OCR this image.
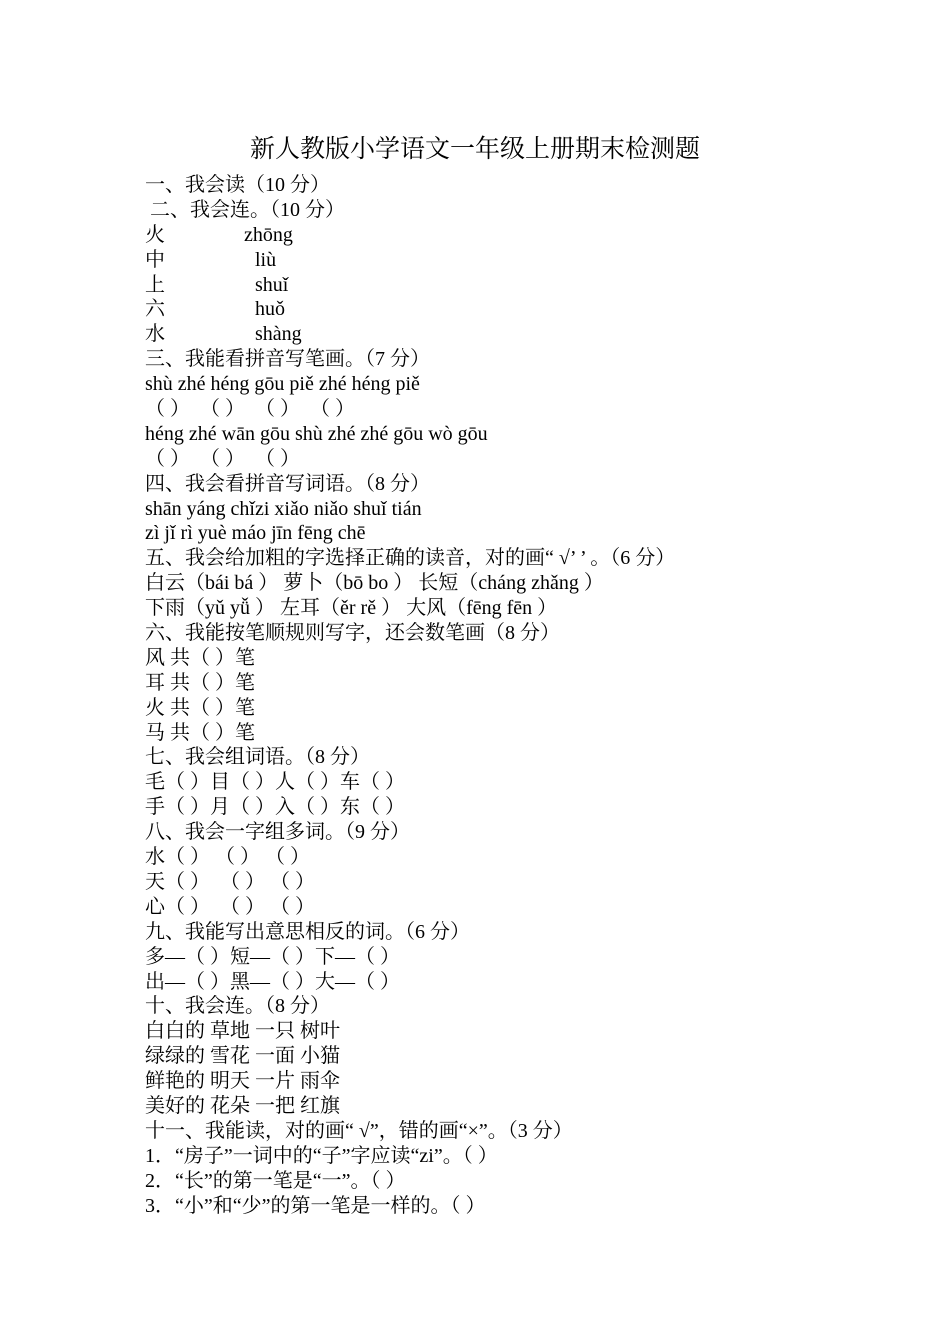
新人教版小学语文一年级上册期末检测题
一、我会读（10 分）
二、我会连。（10 分）
火	zhōng
中	liù
上	shuǐ
六	huǒ
水	shàng
三、我能看拼音写笔画。（7 分）
shù zhé héng gōu piě zhé héng piě
（ ）  （ ）  （ ）  （ ）
héng zhé wān gōu shù zhé zhé gōu wò gōu
（ ）  （ ）  （ ）
四、我会看拼音写词语。（8 分）
shān yáng chǐzi xiǎo niǎo shuǐ tián
zì jǐ rì yuè máo jīn fēng chē
五、我会给加粗的字选择正确的读音，对的画“ √’ ’ 。（6 分）
白云（bái bá ） 萝卜（bō bo ） 长短（cháng zhǎng ）
下雨（yǔ yǚ ） 左耳（ěr rě ） 大风（fēng fēn ）
六、我能按笔顺规则写字，还会数笔画（8 分）
风 共（ ）笔
耳 共（ ）笔
火 共（ ）笔
马 共（ ）笔
七、我会组词语。（8 分）
毛（ ）目（ ）人（ ）车（ ）
手（ ）月（ ）入（ ）东（ ）
八、我会一字组多词。（9 分）
水（ ） （ ） （ ）
天（ ）  （ ） （ ）
心（ ）  （ ） （ ）
九、我能写出意思相反的词。（6 分）
多—（ ）短—（ ）下—（ ）
出—（ ）黑—（ ）大—（ ）
十、我会连。（8 分）
白白的 草地 一只 树叶
绿绿的 雪花 一面 小猫
鲜艳的 明天 一片 雨伞
美好的 花朵 一把 红旗
十一、我能读，对的画“ √”，错的画“×”。（3 分）
1．“房子”一词中的“子”字应读“zi”。（ ）
2．“长”的第一笔是“一”。（ ）
3．“小”和“少”的第一笔是一样的。（ ）
